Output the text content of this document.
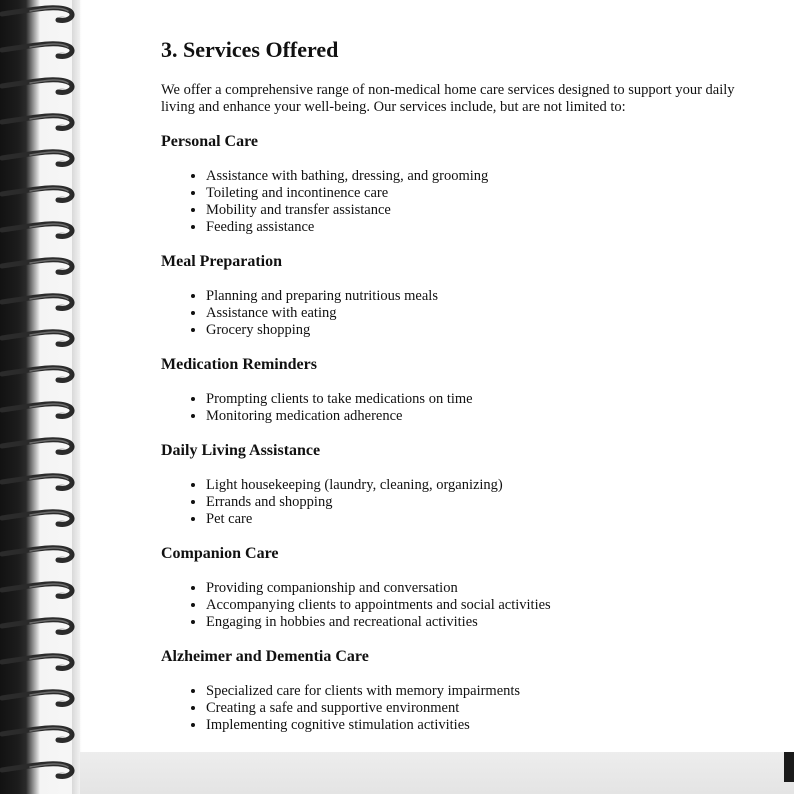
3. Services Offered

We offer a comprehensive range of non-medical home care services designed to support your daily living and enhance your well-being. Our services include, but are not limited to:

Personal Care
• Assistance with bathing, dressing, and grooming
• Toileting and incontinence care
• Mobility and transfer assistance
• Feeding assistance
Meal Preparation
• Planning and preparing nutritious meals
• Assistance with eating
• Grocery shopping
Medication Reminders
• Prompting clients to take medications on time
• Monitoring medication adherence
Daily Living Assistance
• Light housekeeping (laundry, cleaning, organizing)
• Errands and shopping
• Pet care
Companion Care
• Providing companionship and conversation
• Accompanying clients to appointments and social activities
• Engaging in hobbies and recreational activities
Alzheimer and Dementia Care
• Specialized care for clients with memory impairments
• Creating a safe and supportive environment
• Implementing cognitive stimulation activities
